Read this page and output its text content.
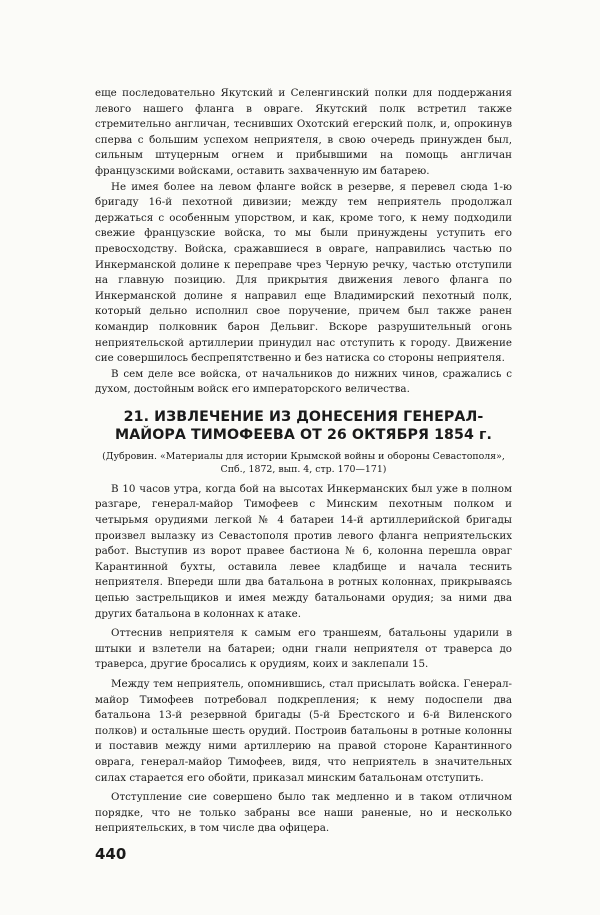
еще последовательно Якутский и Селенгинский полки для поддержания левого нашего фланга в овраге. Якутский полк встретил также стремительно англичан, теснивших Охотский егерский полк, и, опрокинув сперва с большим успехом неприятеля, в свою очередь принужден был, сильным штуцерным огнем и прибывшими на помощь англичан французскими войсками, оставить захваченную им батарею.

Не имея более на левом фланге войск в резерве, я перевел сюда 1-ю бригаду 16-й пехотной дивизии; между тем неприятель продолжал держаться с особенным упорством, и как, кроме того, к нему подходили свежие французские войска, то мы были принуждены уступить его превосходству. Войска, сражавшиеся в овраге, направились частью по Инкерманской долине к переправе чрез Черную речку, частью отступили на главную позицию. Для прикрытия движения левого фланга по Инкерманской долине я направил еще Владимирский пехотный полк, который дельно исполнил свое поручение, причем был также ранен командир полковник барон Дельвиг. Вскоре разрушительный огонь неприятельской артиллерии принудил нас отступить к городу. Движение сие совершилось беспрепятственно и без натиска со стороны неприятеля.

В сем деле все войска, от начальников до нижних чинов, сражались с духом, достойным войск его императорского величества.

21. ИЗВЛЕЧЕНИЕ ИЗ ДОНЕСЕНИЯ ГЕНЕРАЛ-МАЙОРА ТИМОФЕЕВА ОТ 26 ОКТЯБРЯ 1854 г.
(Дубровин. «Материалы для истории Крымской войны и обороны Севастополя», Спб., 1872, вып. 4, стр. 170—171)

В 10 часов утра, когда бой на высотах Инкерманских был уже в полном разгаре, генерал-майор Тимофеев с Минским пехотным полком и четырьмя орудиями легкой № 4 батареи 14-й артиллерийской бригады произвел вылазку из Севастополя против левого фланга неприятельских работ. Выступив из ворот правее бастиона № 6, колонна перешла овраг Карантинной бухты, оставила левее кладбище и начала теснить неприятеля. Впереди шли два батальона в ротных колоннах, прикрываясь цепью застрельщиков и имея между батальонами орудия; за ними два других батальона в колоннах к атаке.

Оттеснив неприятеля к самым его траншеям, батальоны ударили в штыки и взлетели на батареи; одни гнали неприятеля от траверса до траверса, другие бросались к орудиям, коих и заклепали 15.

Между тем неприятель, опомнившись, стал присылать войска. Генерал-майор Тимофеев потребовал подкрепления; к нему подоспели два батальона 13-й резервной бригады (5-й Брестского и 6-й Виленского полков) и остальные шесть орудий. Построив батальоны в ротные колонны и поставив между ними артиллерию на правой стороне Карантинного оврага, генерал-майор Тимофеев, видя, что неприятель в значительных силах старается его обойти, приказал минским батальонам отступить.

Отступление сие совершено было так медленно и в таком отличном порядке, что не только забраны все наши раненые, но и несколько неприятельских, в том числе два офицера.

440
